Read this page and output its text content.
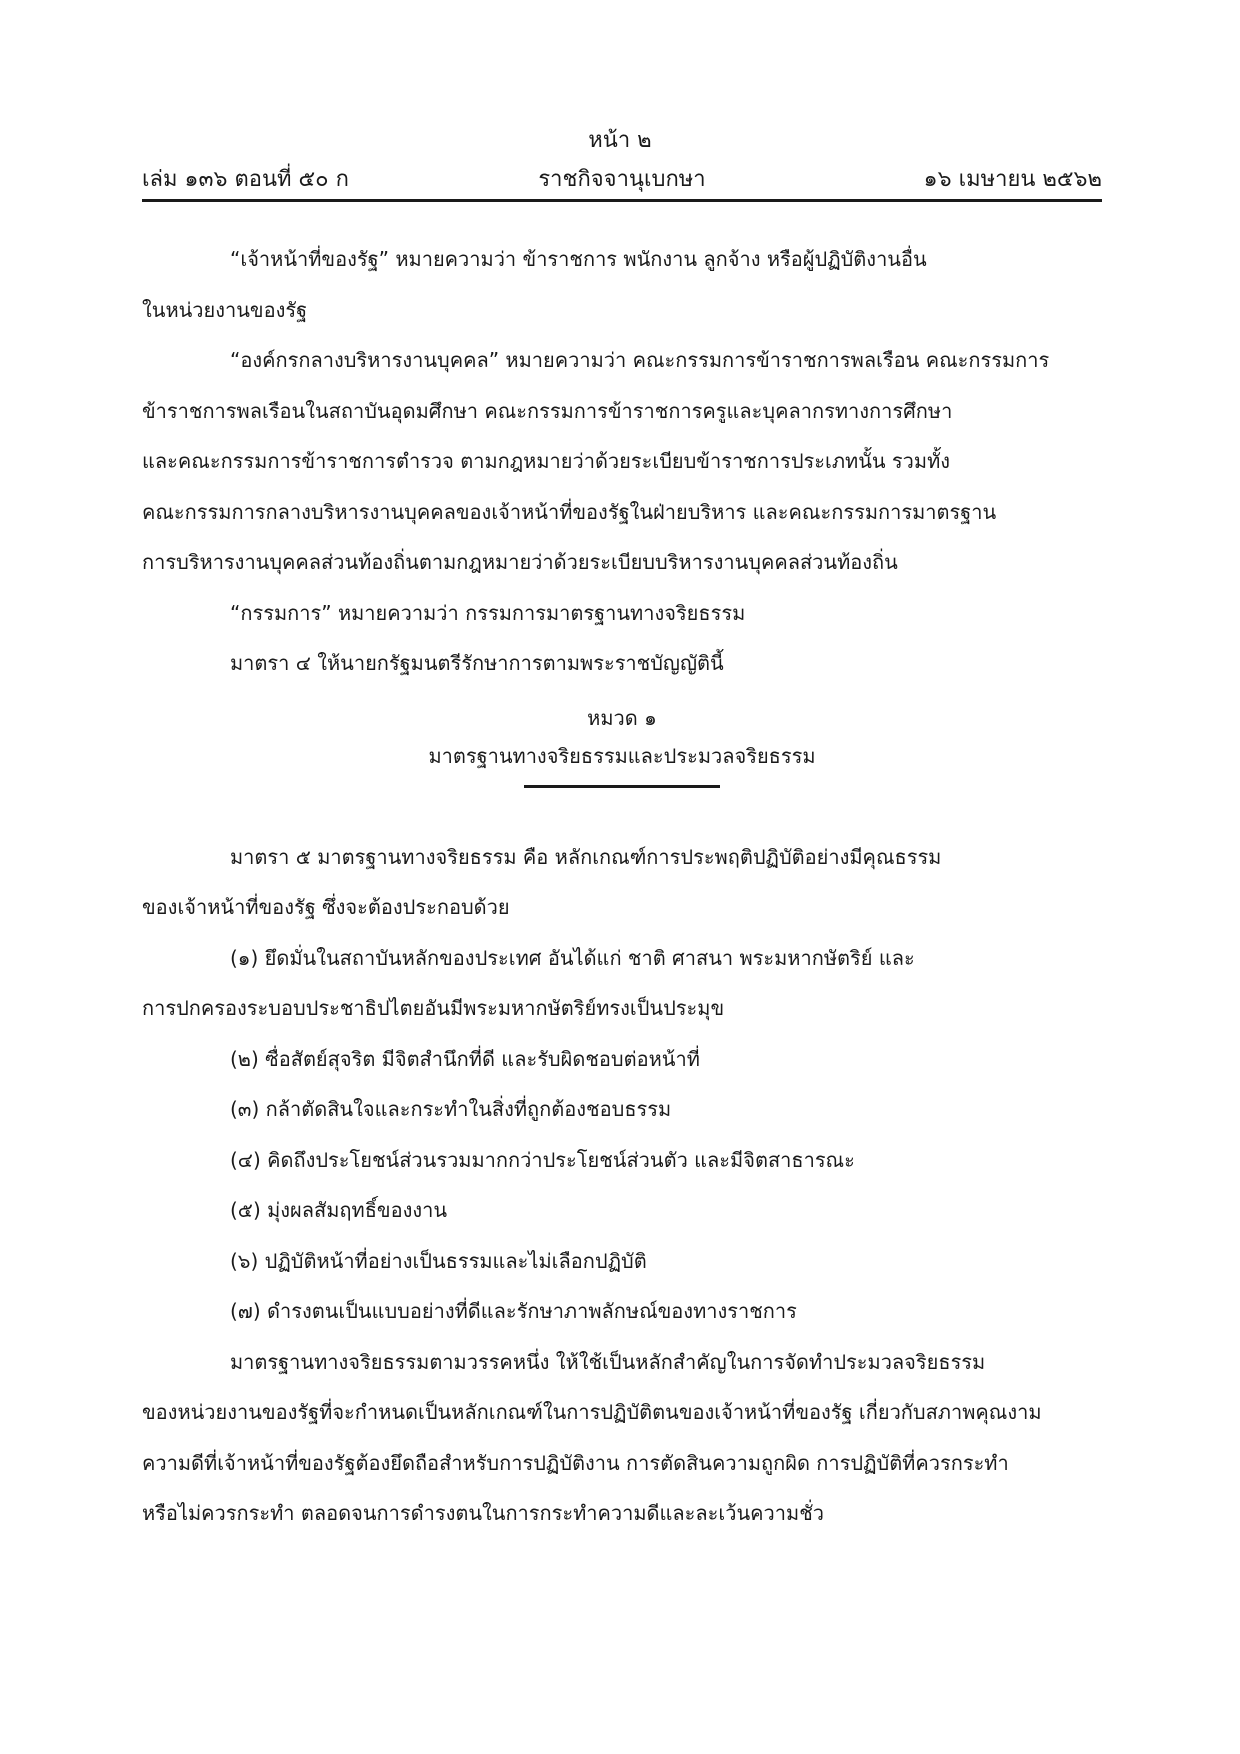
หน้า ๒
ราชกิจจานุเบกษา
เล่ม ๑๓๖ ตอนที่ ๕๐ ก	๑๖ เมษายน ๒๕๖๒

“เจ้าหน้าที่ของรัฐ” หมายความว่า ข้าราชการ พนักงาน ลูกจ้าง หรือผู้ปฏิบัติงานอื่น

ในหน่วยงานของรัฐ

“องค์กรกลางบริหารงานบุคคล” หมายความว่า คณะกรรมการข้าราชการพลเรือน คณะกรรมการ

ข้าราชการพลเรือนในสถาบันอุดมศึกษา คณะกรรมการข้าราชการครูและบุคลากรทางการศึกษา

และคณะกรรมการข้าราชการตำรวจ ตามกฎหมายว่าด้วยระเบียบข้าราชการประเภทนั้น รวมทั้ง

คณะกรรมการกลางบริหารงานบุคคลของเจ้าหน้าที่ของรัฐในฝ่ายบริหาร และคณะกรรมการมาตรฐาน

การบริหารงานบุคคลส่วนท้องถิ่นตามกฎหมายว่าด้วยระเบียบบริหารงานบุคคลส่วนท้องถิ่น

“กรรมการ” หมายความว่า กรรมการมาตรฐานทางจริยธรรม

มาตรา ๔ ให้นายกรัฐมนตรีรักษาการตามพระราชบัญญัตินี้

หมวด ๑

มาตรฐานทางจริยธรรมและประมวลจริยธรรม

มาตรา ๕ มาตรฐานทางจริยธรรม คือ หลักเกณฑ์การประพฤติปฏิบัติอย่างมีคุณธรรม

ของเจ้าหน้าที่ของรัฐ ซึ่งจะต้องประกอบด้วย

(๑) ยึดมั่นในสถาบันหลักของประเทศ อันได้แก่ ชาติ ศาสนา พระมหากษัตริย์ และ

การปกครองระบอบประชาธิปไตยอันมีพระมหากษัตริย์ทรงเป็นประมุข

(๒) ซื่อสัตย์สุจริต มีจิตสำนึกที่ดี และรับผิดชอบต่อหน้าที่

(๓) กล้าตัดสินใจและกระทำในสิ่งที่ถูกต้องชอบธรรม

(๔) คิดถึงประโยชน์ส่วนรวมมากกว่าประโยชน์ส่วนตัว และมีจิตสาธารณะ

(๕) มุ่งผลสัมฤทธิ์ของงาน

(๖) ปฏิบัติหน้าที่อย่างเป็นธรรมและไม่เลือกปฏิบัติ

(๗) ดำรงตนเป็นแบบอย่างที่ดีและรักษาภาพลักษณ์ของทางราชการ

มาตรฐานทางจริยธรรมตามวรรคหนึ่ง ให้ใช้เป็นหลักสำคัญในการจัดทำประมวลจริยธรรม

ของหน่วยงานของรัฐที่จะกำหนดเป็นหลักเกณฑ์ในการปฏิบัติตนของเจ้าหน้าที่ของรัฐ เกี่ยวกับสภาพคุณงาม

ความดีที่เจ้าหน้าที่ของรัฐต้องยึดถือสำหรับการปฏิบัติงาน การตัดสินความถูกผิด การปฏิบัติที่ควรกระทำ

หรือไม่ควรกระทำ ตลอดจนการดำรงตนในการกระทำความดีและละเว้นความชั่ว
